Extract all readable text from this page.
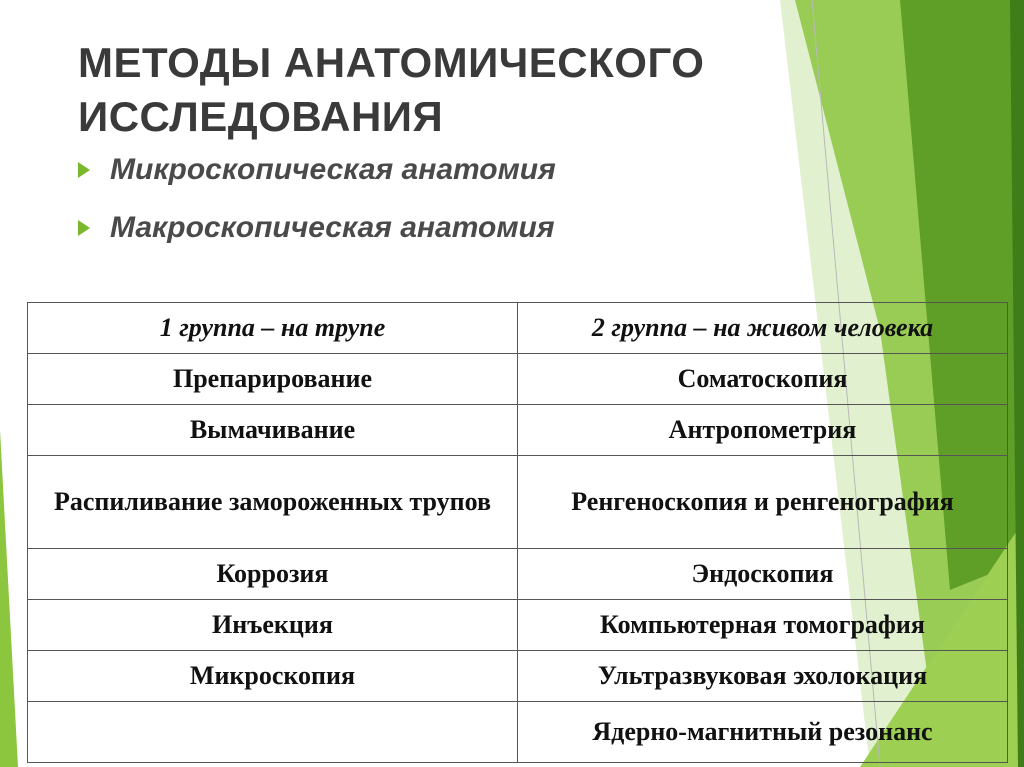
МЕТОДЫ АНАТОМИЧЕСКОГО
ИССЛЕДОВАНИЯ
Микроскопическая анатомия
Макроскопическая анатомия
1 группа – на трупе	2 группа – на живом человека
Препарирование	Соматоскопия
Вымачивание	Антропометрия
Распиливание замороженных трупов	Ренгеноскопия и ренгенография
Коррозия	Эндоскопия
Инъекция	Компьютерная томография
Микроскопия	Ультразвуковая эхолокация
	Ядерно-магнитный резонанс
